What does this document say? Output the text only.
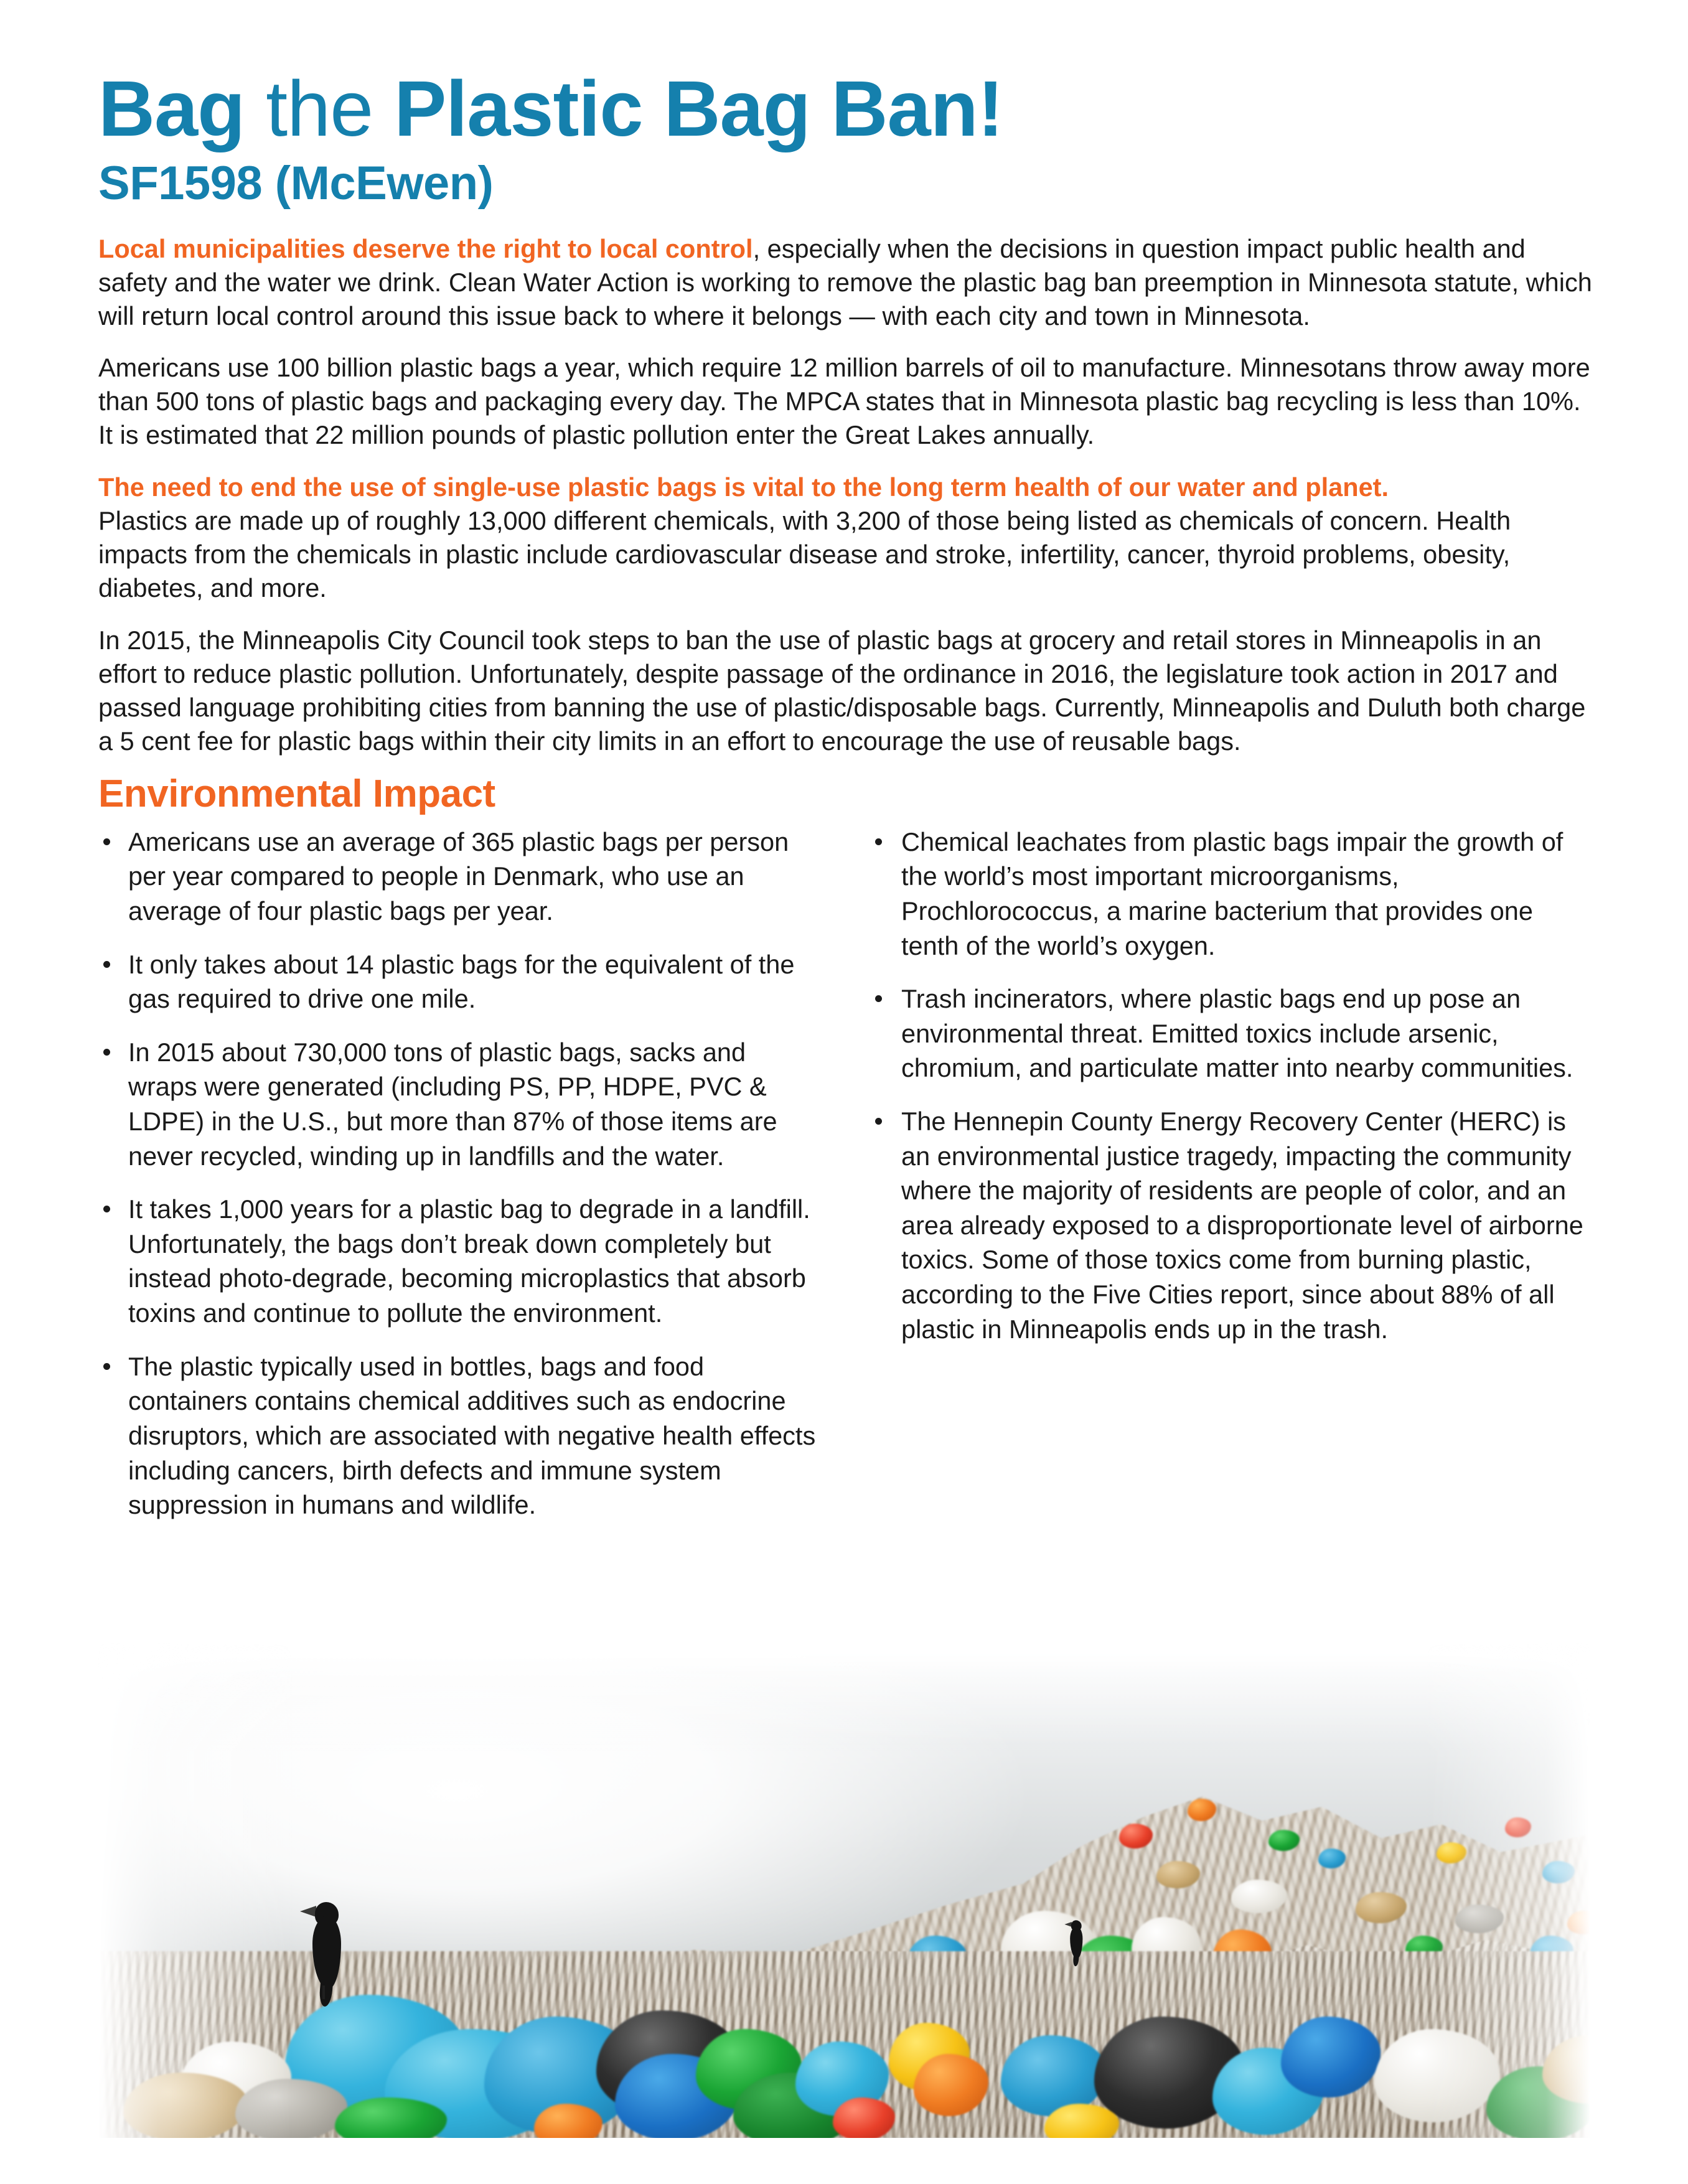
Bag the Plastic Bag Ban!
SF1598 (McEwen)

Local municipalities deserve the right to local control, especially when the decisions in question impact public health and safety and the water we drink. Clean Water Action is working to remove the plastic bag ban preemption in Minnesota statute, which will return local control around this issue back to where it belongs — with each city and town in Minnesota.

Americans use 100 billion plastic bags a year, which require 12 million barrels of oil to manufacture. Minnesotans throw away more than 500 tons of plastic bags and packaging every day. The MPCA states that in Minnesota plastic bag recycling is less than 10%. It is estimated that 22 million pounds of plastic pollution enter the Great Lakes annually.

The need to end the use of single-use plastic bags is vital to the long term health of our water and planet.
Plastics are made up of roughly 13,000 different chemicals, with 3,200 of those being listed as chemicals of concern. Health impacts from the chemicals in plastic include cardiovascular disease and stroke, infertility, cancer, thyroid problems, obesity, diabetes, and more.

In 2015, the Minneapolis City Council took steps to ban the use of plastic bags at grocery and retail stores in Minneapolis in an effort to reduce plastic pollution. Unfortunately, despite passage of the ordinance in 2016, the legislature took action in 2017 and passed language prohibiting cities from banning the use of plastic/disposable bags. Currently, Minneapolis and Duluth both charge a 5 cent fee for plastic bags within their city limits in an effort to encourage the use of reusable bags.

Environmental Impact
Americans use an average of 365 plastic bags per person per year compared to people in Denmark, who use an average of four plastic bags per year.
It only takes about 14 plastic bags for the equivalent of the gas required to drive one mile.
In 2015 about 730,000 tons of plastic bags, sacks and wraps were generated (including PS, PP, HDPE, PVC & LDPE) in the U.S., but more than 87% of those items are never recycled, winding up in landfills and the water.
It takes 1,000 years for a plastic bag to degrade in a landfill. Unfortunately, the bags don’t break down completely but instead photo-degrade, becoming microplastics that absorb toxins and continue to pollute the environment.
The plastic typically used in bottles, bags and food containers contains chemical additives such as endocrine disruptors, which are associated with negative health effects including cancers, birth defects and immune system suppression in humans and wildlife.
Chemical leachates from plastic bags impair the growth of the world’s most important microorganisms, Prochlorococcus, a marine bacterium that provides one tenth of the world’s oxygen.
Trash incinerators, where plastic bags end up pose an environmental threat. Emitted toxics include arsenic, chromium, and particulate matter into nearby communities.
The Hennepin County Energy Recovery Center (HERC) is an environmental justice tragedy, impacting the community where the majority of residents are people of color, and an area already exposed to a disproportionate level of airborne toxics. Some of those toxics come from burning plastic, according to the Five Cities report, since about 88% of all plastic in Minneapolis ends up in the trash.
